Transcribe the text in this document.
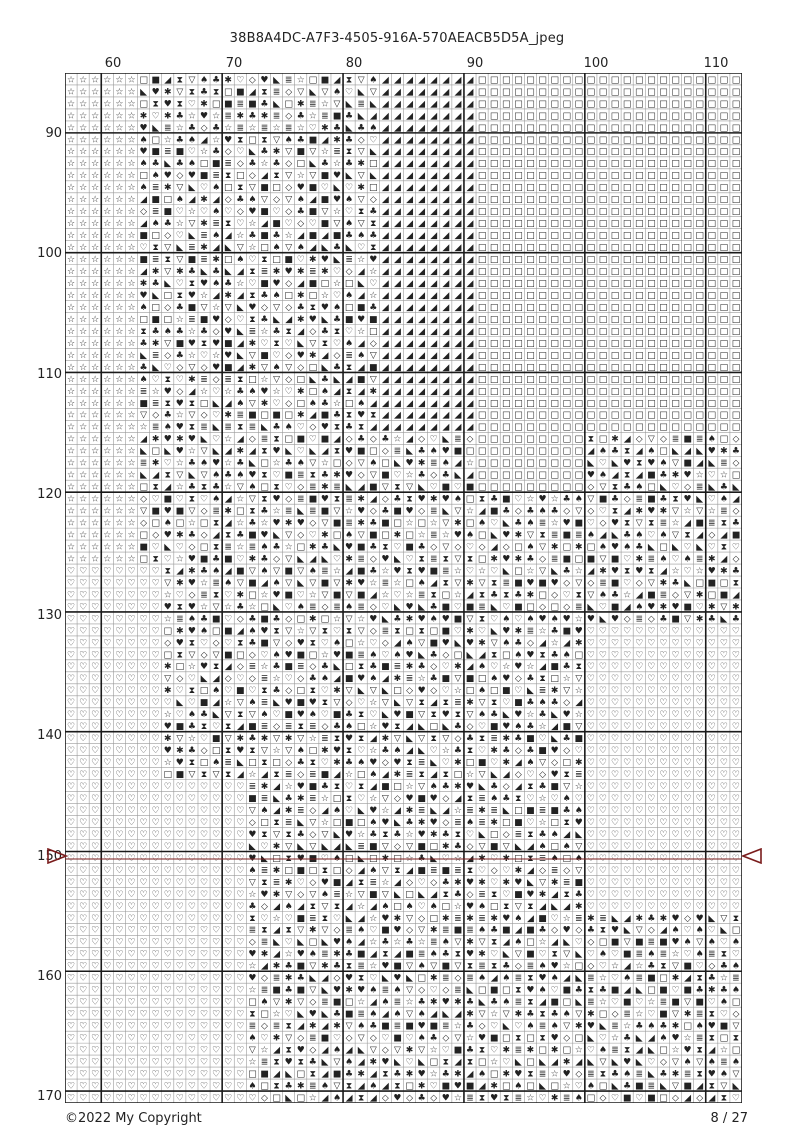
38B8A4DC-A7F3-4505-916A-570AEACB5D5A_jpeg
60	70	80	90	100	110
90
100
110
120
130
140
150
160
170
☆ ☆ ☆ ☆ ☆ ☆ □ ■ ◢ ⧗ ▽ ♠ ♣ ✱ ♡ ◇ ♥ ◣ ≣ ☆ □ ■ ◢ ⧗ ▽ ♠ ◢ ◢ ◢ ◢ ◢ ◢ ◢ ◢ □ □ □ □ □ □ □ □ □ □ □ □ □ □ □ □ □ □ □ □ □ □
☆ ☆ ☆ ☆ ☆ ☆ ◣ ♥ ✱ ▽ ⧗ ♣ ⧗ □ ■ ◢ ⧗ ≣ ◇ ▽ ◣ ▽ ♠ ♡ ◣ ▽ ◢ ◢ ◢ ◢ ◢ ◢ ◢ ◢ □ □ □ □ □ □ □ □ □ □ □ □ □ □ □ □ □ □ □ □ □ □
☆ ☆ ☆ ☆ ☆ ☆ □ ⧗ ♥ ⧗ ♡ ✱ □ ■ ≣ ■ ♣ ◣ □ ✱ ≣ ☆ ▽ ◣ ≣ ◣ ◢ ◢ ◢ ◢ ◢ ◢ ◢ ◢ □ □ □ □ □ □ □ □ □ □ □ □ □ □ □ □ □ □ □ □ □ □
☆ ☆ ☆ ☆ ☆ ☆ ✱ ♡ ✱ ♣ ☆ ♥ ☆ ≣ ✱ ♣ ✱ ≣ ◇ ♣ ☆ ≣ ■ ♣ ◣ ◢ ◢ ◢ ◢ ◢ ◢ ◢ ◢ ◢ □ □ □ □ □ □ □ □ □ □ □ □ □ □ □ □ □ □ □ □ □ □
☆ ☆ ☆ ☆ ☆ ☆ ♥ ◣ ≣ ☆ ♣ ◇ ♣ ☆ ≣ ☆ ≣ ☆ ≣ ☆ ♡ ✱ ♣ ◣ ♣ ♠ ◢ ◢ ◢ ◢ ◢ ◢ ◢ ◢ □ □ □ □ □ □ □ □ □ □ □ □ □ □ □ □ □ □ □ □ □ □
☆ ☆ ☆ ☆ ☆ ☆ ♠ □ ☆ ♣ ♠ ◢ ☆ ♥ ⧗ □ ⧗ ▽ ♠ ♣ ■ ◢ ✱ ♣ ◇ ♡ ◢ ◢ ◢ ◢ ◢ ◢ ◢ ◢ □ □ □ □ □ □ □ □ □ □ □ □ □ □ □ □ □ □ □ □ □ □
☆ ☆ ☆ ☆ ☆ ☆ ♥ ■ ≣ ■ ♡ ☆ ♣ ◇ ♡ ◣ ♣ ✱ ▽ ■ ▽ ☆ ≣ ⧗ ▽ ◣ ◢ ◢ ◢ ◢ ◢ ◢ ◢ ◢ □ □ □ □ □ □ □ □ □ □ □ □ □ □ □ □ □ □ □ □ □ □
☆ ☆ ☆ ☆ ☆ ☆ ♠ ♣ ◣ ♣ ♠ □ ■ ≣ ◇ ♣ ☆ ♣ ◇ □ ◣ ♣ ☆ ♣ ✱ □ ◢ ◢ ◢ ◢ ◢ ◢ ◢ ◢ □ □ □ □ □ □ □ □ □ □ □ □ □ □ □ □ □ □ □ □ □ □
☆ ☆ ☆ ☆ ☆ ☆ □ ♠ ♥ ◇ ♥ ■ ≣ ⧗ □ ◇ ◢ ⧗ ▽ ☆ ▽ ■ ♥ ◣ ▽ ◣ ◢ ◢ ◢ ◢ ◢ ◢ ◢ ◢ □ □ □ □ □ □ □ □ □ □ □ □ □ □ □ □ □ □ □ □ □ □
☆ ☆ ☆ ☆ ☆ ☆ ♠ ≣ ✱ ▽ ◣ ♡ ♠ □ ⧗ ▽ ■ □ ◇ ♥ ■ ♡ ◣ ♡ ✱ □ ◢ ◢ ◢ ◢ ◢ ◢ ◢ ◢ □ □ □ □ □ □ □ □ □ □ □ □ □ □ □ □ □ □ □ □ □ □
☆ ☆ ☆ ☆ ☆ ☆ ◢ ■ □ ♠ ◢ ✱ ◢ ◇ ♣ ♠ ▽ ◇ ▽ ♠ ◢ ■ ♥ ♠ ▽ ◇ ◢ ◢ ◢ ◢ ◢ ◢ ◢ ◢ □ □ □ □ □ □ □ □ □ □ □ □ □ □ □ □ □ □ □ □ □ □
☆ ☆ ☆ ☆ ☆ ☆ ◇ ≣ ■ ♡ ☆ ♡ ♠ ♡ ◇ ♥ ■ ♡ ◇ ♣ ■ ▽ ☆ ♡ ⧗ ♣ ◢ ◢ ◢ ◢ ◢ ◢ ◢ ◢ □ □ □ □ □ □ □ □ □ □ □ □ □ □ □ □ □ □ □ □ □ □
☆ ☆ ☆ ☆ ☆ ☆ ◢ ♠ ♣ ☆ ▽ ✱ ≣ ⧗ ♡ ☆ ◢ ■ ♡ ◇ ♡ ■ ▽ ♠ ▽ ⧗ ◢ ◢ ◢ ◢ ◢ ◢ ◢ ◢ □ □ □ □ □ □ □ □ □ □ □ □ □ □ □ □ □ □ □ □ □ □
☆ ☆ ☆ ☆ ☆ ☆ ■ □ ◇ ♡ ◣ ≣ ♠ ◢ ☆ ♣ ■ ♣ ☆ ◢ ■ ◢ ■ ♣ ♠ ♣ ◢ ◢ ◢ ◢ ◢ ◢ ◢ ◢ □ □ □ □ □ □ □ □ □ □ □ □ □ □ □ □ □ □ □ □ □ □
☆ ☆ ☆ ☆ ☆ ☆ ♡ ⧗ ▽ ◣ ≣ ✱ ◢ ◣ ▽ ☆ □ ♠ ▽ ♠ ◢ ◣ ♣ ◣ ♡ ⧗ ◢ ◢ ◢ ◢ ◢ ◢ ◢ ◢ □ □ □ □ □ □ □ □ □ □ □ □ □ □ □ □ □ □ □ □ □ □
☆ ☆ ☆ ☆ ☆ ☆ ■ ≣ ⧗ ▽ ■ ≣ ✱ □ ♠ ♡ ⧗ □ ■ ♡ ✱ ♥ ◣ ≣ ☆ ♥ ◢ ◢ ◢ ◢ ◢ ◢ ◢ ◢ □ □ □ □ □ □ □ □ □ □ □ □ □ □ □ □ □ □ □ □ □ □
☆ ☆ ☆ ☆ ☆ ☆ ◢ ✱ ▽ ✱ ♣ ◣ ♣ ◣ ◢ ⧗ ≣ ✱ ♥ ✱ ≣ ✱ ♡ ◇ ◢ ☆ ◢ ◢ ◢ ◢ ◢ ◢ ◢ ◢ □ □ □ □ □ □ □ □ □ □ □ □ □ □ □ □ □ □ □ □ □ □
☆ ☆ ☆ ☆ ☆ ☆ ✱ ♣ ◣ ♡ ⧗ ♥ ♠ ♣ ☆ ♡ ■ ♥ ◇ ◢ ■ □ ☆ □ ◣ ♡ ◢ ◢ ◢ ◢ ◢ ◢ ◢ ◢ □ □ □ □ □ □ □ □ □ □ □ □ □ □ □ □ □ □ □ □ □ □
☆ ☆ ☆ ☆ ☆ ☆ ♥ ◣ □ ⧗ ♥ ☆ ◢ ✱ ◢ ⧗ ♣ ♠ □ ✱ □ ☆ ♡ ♠ ◢ ☆ ◢ ◢ ◢ ◢ ◢ ◢ ◢ ◢ □ □ □ □ □ □ □ □ □ □ □ □ □ □ □ □ □ □ □ □ □ □
☆ ☆ ☆ ☆ ☆ ☆ ♠ □ ◇ ♣ ■ ▽ ☆ ▽ ◣ ♥ ◇ ▽ ◇ ♣ ⧗ ♥ ♠ □ ■ ♣ ◢ ◢ ◢ ◢ ◢ ◢ ◢ ◢ □ □ □ □ □ □ □ □ □ □ □ □ □ □ □ □ □ □ □ □ □ □
☆ ☆ ☆ ☆ ☆ ☆ □ ■ □ ☆ ≣ ■ ♥ ◇ ♡ ⧗ ♣ ◣ ◢ ✱ ♥ ◣ ♣ ■ ♥ ■ ◢ ◢ ◢ ◢ ◢ ◢ ◢ ◢ □ □ □ □ □ □ □ □ □ □ □ □ □ □ □ □ □ □ □ □ □ □
☆ ☆ ☆ ☆ ☆ ☆ ⧗ ♣ ♠ ♣ ☆ ♣ ◇ ♥ ◣ ≣ ☆ ♣ ⧗ ◢ ◇ ♣ ⧗ ♡ ☆ □ ◢ ◢ ◢ ◢ ◢ ◢ ◢ ◢ □ □ □ □ □ □ □ □ □ □ □ □ □ □ □ □ □ □ □ □ □ □
☆ ☆ ☆ ☆ ☆ ☆ ♣ ✱ ▽ ■ ♥ ⧗ ♥ ■ ◢ ✱ ♡ ⧗ ♡ ◣ ▽ ⧗ ♡ ♠ ◢ ◇ ◢ ◢ ◢ ◢ ◢ ◢ ◢ ◢ □ □ □ □ □ □ □ □ □ □ □ □ □ □ □ □ □ □ □ □ □ □
☆ ☆ ☆ ☆ ☆ ☆ ◣ ≣ ◇ ♣ ☆ ♡ ☆ ♥ ◣ ▽ ■ ♡ ◇ ♥ ✱ ◢ ◇ ≣ ♠ ▽ ◢ ◢ ◢ ◢ ◢ ◢ ◢ ◢ □ □ □ □ □ □ □ □ □ □ □ □ □ □ □ □ □ □ □ □ □ □
☆ ☆ ☆ ☆ ☆ ☆ ♣ ◣ ♡ ◇ ▽ ◇ ♥ ■ ◢ ✱ ▽ ♠ ▽ ◇ □ ◣ ♣ ⧗ ◢ ■ ◢ ◢ ◢ ◢ ◢ ◢ ◢ ◢ □ □ □ □ □ □ □ □ □ □ □ □ □ □ □ □ □ □ □ □ □ □
☆ ☆ ☆ ☆ ☆ ☆ ♠ ♡ ⧗ ♡ ✱ ≣ ◇ ≣ ⧗ □ ☆ ▽ ◇ □ ◣ ♣ ◣ ◢ ■ ▽ ◢ ◢ ◢ ◢ ◢ ◢ ◢ ◢ □ □ □ □ □ □ □ □ □ □ □ □ □ □ □ □ □ □ □ □ □ □
☆ ☆ ☆ ☆ ☆ ☆ ≣ ☆ ♥ ◇ ◢ ☆ ♡ ☆ ♣ ♠ ♥ ☆ ♡ ✱ □ ♠ ◢ ⧗ ◢ ✱ ◢ ◢ ◢ ◢ ◢ ◢ ◢ ◢ □ □ □ □ □ □ □ □ □ □ □ □ □ □ □ □ □ □ □ □ □ □
☆ ☆ ☆ ☆ ☆ ☆ ■ ≣ ⧗ ♥ ⧗ □ ◣ ◢ ♠ ▽ ✱ ♡ ◇ □ ♠ ♣ ☆ □ ♠ ◢ ◢ ◢ ◢ ◢ ◢ ◢ ◢ ◢ □ □ □ □ □ □ □ □ □ □ □ □ □ □ □ □ □ □ □ □ □ □
☆ ☆ ☆ ☆ ☆ ☆ ▽ ◇ ♣ ☆ ▽ ◇ ♡ ✱ ≣ ■ □ ■ □ ✱ ◢ ■ ♣ ⧗ ♥ ⧗ ◢ ◢ ◢ ◢ ◢ ◢ ◢ ◢ □ □ □ □ □ □ □ □ □ □ □ □ □ □ □ □ □ □ □ □ □ □
☆ ☆ ☆ ☆ ☆ ☆ ☆ ≣ ♠ ♥ ⧗ ≣ ◣ ≣ ⧗ ≣ ◣ ♣ ♠ ♡ ◇ ♥ ⧗ ♣ ⧗ ◢ ◢ ◢ ◢ ◢ ◢ ◢ ◢ ◢ □ □ □ □ □ □ □ □ □ □ □ □ □ □ □ □ □ □ □ □ □ □
☆ ☆ ☆ ☆ ☆ ☆ ◢ ✱ ♥ ✱ ♥ ◣ ♡ ☆ ◢ ◇ ≣ ⧗ □ ■ ♡ ■ ◢ ◇ ♣ ◇ ♣ ☆ ◢ ◇ ♡ ◣ ≣ ◇ □ □ □ □ □ □ □ □ □ ⧗ □ ✱ ◢ ◇ ▽ ◇ ≣ ■ ≣ ♠ □ ◇
☆ ☆ ☆ ☆ ☆ ☆ ◣ □ ◣ ♥ ☆ ▽ ◣ ◢ ✱ ◢ ⧗ ♥ ◣ ♡ ◣ ◢ ⧗ ♥ ■ □ ◇ ≣ ◣ ♣ ♠ ♥ ■ □ □ □ □ □ □ □ □ □ □ ◢ ♠ ♣ ⧗ ◢ ♠ □ ◣ ◢ ◣ ♥ ✱ ♣
☆ ☆ ☆ ☆ ☆ ☆ ≣ ✱ ♡ ☆ ♣ ♠ ♥ ☆ ♣ ◣ □ ☆ ♣ ♠ ▽ ☆ □ ◇ ▽ ♠ □ ◣ ♥ ✱ ≣ ♠ ◢ ☆ □ □ □ □ □ □ □ □ □ ◣ ♡ ◣ ♥ ⧗ ♥ ♠ ▽ ■ ◢ ◣ ≣ ◇
☆ ☆ ☆ ☆ ☆ ☆ ◣ ◢ ⧗ ▽ ◣ ▽ ♠ ♣ ♠ ♥ ⧗ ♡ ■ ≣ ⧗ ♣ ✱ ♥ ◇ ▽ ■ ♡ ☆ ♣ ◇ ♣ ◣ ◢ □ □ □ □ □ □ □ □ □ ♥ ♠ ◢ ⧗ ◢ ■ ♣ ✱ ♥ ☆ ♡ ☆ □
☆ ☆ ☆ ☆ ☆ ☆ □ ⧗ ◢ ☆ ♣ ⧗ ♣ ☆ ▽ ♠ □ ⧗ ♡ ◇ ≣ ✱ ≣ ◣ ◢ ■ ▽ ⧗ ▽ ◣ ♡ ■ ♡ ■ □ □ □ □ □ □ □ □ □ ◇ ▽ ⧗ ♣ ♠ □ ◣ ♡ ◇ ≣ ◣ ♣ ◣
☆ ☆ ☆ ☆ ☆ ☆ ◇ ♡ ■ ♡ ⧗ ♡ ♠ ◢ ☆ ▽ ⧗ ♥ ◇ ≣ ■ ♥ ⧗ ≣ ✱ ◢ ◇ ♣ ⧗ ♥ ✱ ♥ ♠ □ ⧗ ♣ ■ ♡ ☆ ♥ ☆ ♣ ♠ ▽ ■ ♣ ◇ ≣ ■ ♣ ⧗ ♥ ◣ ♡ ♠ ◢
☆ ☆ ☆ ☆ ☆ ☆ ▽ ■ ♥ ■ ▽ ◇ ≣ ✱ □ ⧗ ♣ ☆ ≣ ◣ ≣ ■ ▽ ☆ ♥ ◇ ♣ ■ ♥ ◇ ≣ ◣ ▽ ☆ ◢ ■ ♣ ◇ ♣ ♠ ♣ ◇ ▽ ◇ ♡ ⧗ ◢ ✱ ♥ ✱ ▽ ☆ ▽ ☆ ≣ ◇
☆ ☆ ☆ ☆ ☆ ☆ ◇ □ ♠ □ ☆ □ ⧗ ◢ ☆ ♣ ☆ ♥ ✱ ♥ ◇ ▽ ■ ≣ ✱ ♣ ■ □ ☆ □ ☆ ▽ ✱ □ ♠ ♡ ◣ ♣ ♠ ≣ ☆ ♥ ■ ♡ ◇ ♥ ⧗ ▽ ⧗ ≣ ☆ ◢ ■ ≣ ⧗ ♣
☆ ☆ ☆ ☆ ☆ ☆ □ ◇ ♥ ✱ ♣ ◇ ◢ ⧗ ♣ ■ ♥ ◣ ▽ ◇ ♡ ✱ □ ♠ ▽ ■ □ ✱ □ ☆ ≣ ☆ ♥ ♠ □ ◣ ♥ ✱ ▽ ⧗ ≣ ■ ≣ ♠ ◢ ◣ ♣ ♠ ♡ ♠ ▽ ⧗ ◢ ◇ ◢ ■
☆ ☆ ☆ ☆ ☆ ☆ ■ ♡ ◣ ♡ ◇ □ ⧗ ≣ ☆ ≣ ♠ ♣ ☆ □ ✱ ♣ ◣ ♥ ■ ♣ ⧗ ♡ ■ ♣ ◇ ▽ ◇ ♡ ◇ ◢ ◇ □ ♠ ▽ ✱ □ ✱ □ ♠ ♥ ♠ ♣ ◣ □ ◣ ♡ ◣ ♡ ⧗ ♡
☆ ☆ ☆ ☆ ☆ ☆ □ ⧗ ♡ ☆ ♥ ■ ♣ ■ ♡ ✱ ♣ ◇ ▽ ◣ ◢ ◣ ♡ ✱ ≣ ◇ ♥ ◣ ♡ ⧗ ≣ ⧗ ▽ ⧗ □ ✱ ♥ ✱ ♣ ◇ ≣ ■ □ ■ ▽ ■ ♡ ✱ ≣ ♠ ♡ ♠ ≣ ✱ ◢ ◇
♡ ♡ ♡ ♡ ♡ ♡ ♡ ♡ ⧗ ◢ ✱ ♣ ♠ ◢ ■ ▽ ♠ ▽ ■ ▽ ♠ ≣ ☆ ◢ ■ ♣ ☆ ♥ ⧗ ♥ ■ ≣ ☆ ♡ ☆ ♡ ◣ □ ☆ ▽ ◣ ♣ ☆ ◢ ✱ ♥ ⧗ ♥ ⧗ ◢ ☆ ♡ ☆ ♥ ✱ ♣
♡ ♡ ♡ ♡ ♡ ♡ ♡ ♡ ▽ ✱ ♥ ☆ ≣ ♠ ▽ ■ ◢ ♠ ▽ ◣ ▽ ■ ▽ ✱ ♥ ☆ ≣ ☆ □ ♠ ◢ ⧗ ▽ ✱ ▽ ⧗ ≣ ■ ♥ ■ ♥ ◇ ▽ ◇ ≣ ■ ♡ ◇ ▽ ✱ ♣ ◣ □ ■ □ ⧗
♡ ♡ ♡ ♡ ♡ ♡ ♡ ♡ ☆ ♡ ◇ ≣ ⧗ ♡ ✱ □ ☆ ♥ ■ ♡ ☆ ▽ ■ ▽ ■ ◢ ☆ ♡ ☆ ≣ ⧗ □ ☆ ◢ ⧗ ♣ ⧗ ♣ ✱ □ ◇ ♡ ⧗ ▽ ♠ ♣ ☆ ◢ ■ ≣ ◇ ▽ ✱ □ ■ ◢
♡ ♡ ♡ ♡ ♡ ♡ ♡ ♡ ♥ ⧗ ♥ ☆ ▽ ☆ ♣ ☆ □ ◣ ♡ ♠ ≣ ◇ ≣ ♠ ≣ ◇ ♡ ◣ ♥ ◣ ♣ ■ ♡ ■ ≣ ◣ ♡ ■ □ ◇ □ ◇ ≣ ◣ ♡ ■ ◢ ♠ ♥ ✱ ♥ ■ ♡ ✱ ▽ ✱
♡ ♡ ♡ ♡ ♡ ♡ ♡ ♡ ☆ ≣ ♠ ♣ ■ ♡ ◇ ♣ ■ ♣ ◇ □ ✱ □ ☆ ▽ ☆ ♥ ◣ ♣ ✱ ♥ ♠ ♥ ■ ▽ ⧗ ♡ ♠ ♡ ♠ ♥ ♠ ♥ ☆ ♥ ◣ ♥ ◇ ≣ ◇ ♣ ■ ▽ ✱ ♣ ◣ ♣
♡ ♡ ♡ ♡ ♡ ♡ ♡ ♡ □ ✱ ♥ ♠ □ ■ ◢ ♠ ♥ ⧗ ▽ ☆ ▽ ⧗ ♡ ⧗ ▽ ◇ ≣ ⧗ □ ⧗ □ ■ ♡ ✱ ♡ ◣ ♥ ✱ ≣ ☆ ♣ ■ ♥ ♡ ♡ ♡ ♡ ♡ ♡ ♡ ♡ ♡ ♡ ♡ ♡ ♡
♡ ♡ ♡ ♡ ♡ ♡ ♡ ♡ ◇ ♥ ⧗ ♡ ◇ ♡ ⧗ ♣ ■ ▽ ◇ ♥ ⧗ ♡ ♠ □ ☆ ♡ ◇ ◢ ♠ ▽ ■ ♥ ◣ ♥ ✱ ▽ ♠ ♣ ◇ ◢ ☆ ◢ ✱ ♡ ♡ ♡ ♡ ♡ ♡ ♡ ♡ ♡ ♡ ♡ ♡ ♡
♡ ♡ ♡ ♡ ♡ ♡ ♡ ♡ □ ⧗ ▽ ◇ ▽ ■ □ ◇ ♡ ♠ ♥ ■ □ ☆ ♥ ■ ≣ ♠ ♡ ♠ ♥ ◣ ♣ ◇ □ ◣ ◢ ⧗ □ ♠ ♥ ⧗ ♣ ♠ □ ♡ ♡ ♡ ♡ ♡ ♡ ♡ ♡ ♡ ♡ ♡ ♡ ♡
♡ ♡ ♡ ♡ ♡ ♡ ♡ ♡ ✱ □ ☆ ♥ ⧗ ◢ ◇ ≣ ☆ ♣ ■ ≣ ◇ ♣ ◣ □ ⧗ ♣ ■ ≣ ✱ ♣ ◇ ♡ ✱ ◢ ♠ ♡ ☆ ♥ ☆ ◢ ■ ♣ ⧗ ♡ ♡ ♡ ♡ ♡ ♡ ♡ ♡ ♡ ♡ ♡ ♡ ♡
♡ ♡ ♡ ♡ ♡ ♡ ♡ ♡ ▽ ◇ ♡ ◣ ◢ ◇ ♡ ◇ ≣ ☆ ♡ ◇ ♣ ♠ ◢ ■ ♥ ♠ ◢ ✱ ≣ ☆ ♣ ■ ▽ ■ □ ♠ ♥ ◇ ♣ ⧗ □ ☆ ▽ ♡ ♡ ♡ ♡ ♡ ♡ ♡ ♡ ♡ ♡ ♡ ♡ ♡
♡ ♡ ♡ ♡ ♡ ♡ ♡ ♡ ✱ ♡ ⧗ □ ♠ ♡ ■ ♡ ⧗ ♣ ◇ □ ⧗ ♡ ✱ ▽ ◣ ▽ ◣ □ ◇ ♥ ◇ ♡ ☆ □ ♠ □ ■ ♡ ◣ ≣ ✱ ▽ ☆ ♡ ♡ ♡ ♡ ♡ ♡ ♡ ♡ ♡ ♡ ♡ ♡ ♡
♡ ♡ ♡ ♡ ♡ ♡ ♡ ♡ ♡ ◣ ♡ ■ ◢ ☆ ▽ ♠ ≣ ◣ ♥ ■ ♥ ⧗ ▽ ◇ ♡ ☆ ▽ ◣ ▽ ⧗ ◢ ⧗ ≣ ✱ ▽ ⧗ ♡ ■ ♣ ♠ ♣ ◇ ◢ ♡ ♡ ♡ ♡ ♡ ♡ ♡ ♡ ♡ ♡ ♡ ♡ ♡
♡ ♡ ♡ ♡ ♡ ♡ ♡ ♡ ☆ ♡ ♠ ♣ ◣ ▽ ⧗ ▽ ♠ ♡ ■ ♥ ♠ ♡ ■ ♣ ⧗ ♡ ◣ ♥ ■ ▽ ⧗ ♥ ⧗ ▽ ♠ ♣ ◣ ♥ ☆ ♣ ◣ ♥ ☆ ♡ ♡ ♡ ♡ ♡ ♡ ♡ ♡ ♡ ♡ ♡ ♡ ♡
♡ ♡ ♡ ♡ ♡ ♡ ♡ ♡ ♥ ■ ♣ ⧗ ♡ ⧗ ◢ ■ ≣ ◇ ≣ ⧗ ≣ ◇ ♣ ♠ □ ☆ ♥ ⧗ ◢ ◣ □ ◣ ♣ ◇ ♡ ■ ♥ ♠ ♣ ☆ ◢ ■ ▽ ♡ ♡ ♡ ♡ ♡ ♡ ♡ ♡ ♡ ♡ ♡ ♡ ♡
♡ ♡ ♡ ♡ ♡ ♡ ♡ ♡ ✱ ▽ ☆ ♡ ■ ▽ ✱ ♣ ✱ ▽ ✱ ▽ ☆ ≣ ⧗ ♥ ⧗ ◢ ✱ ▽ ◣ ▽ ⧗ ▽ ◇ ♣ ⧗ ≣ ✱ ♣ ■ ♡ ◣ ♣ ■ ♡ ♡ ♡ ♡ ♡ ♡ ♡ ♡ ♡ ♡ ♡ ♡ ♡
♡ ♡ ♡ ♡ ♡ ♡ ♡ ♡ ♥ ✱ ♣ ◇ □ ⧗ ♥ ⧗ ▽ ☆ ▽ ♠ □ ✱ ♥ ⧗ ♡ ☆ ♣ ♠ ◢ ◣ ♡ ☆ ♣ ⧗ ♡ ✱ ♣ ◇ ♣ ■ ♥ ◇ ♡ ♡ ♡ ♡ ♡ ♡ ♡ ♡ ♡ ♡ ♡ ♡ ♡ ♡
♡ ♡ ♡ ♡ ♡ ♡ ♡ ♡ ☆ ♥ ⧗ □ ♠ ≣ ◣ □ ⧗ □ ◇ ♣ ⧗ ♡ ✱ ♣ ♠ ♥ ◇ ♥ ⧗ ≣ ◣ ♡ ✱ □ ■ ♡ ✱ ◢ ♠ ▽ ◇ □ ✱ ♡ ♡ ♡ ♡ ♡ ♡ ♡ ♡ ♡ ♡ ♡ ♡ ♡
♡ ♡ ♡ ♡ ♡ ♡ ♡ ♡ □ ■ ▽ ⧗ ▽ ⧗ ◢ ☆ ◢ ⧗ ≣ ◇ ≣ ■ ◢ ☆ □ ♠ ◢ ✱ ≣ ⧗ ◢ ⧗ □ ☆ ▽ ◣ ◢ ◇ ♡ ◇ ♥ ⧗ ≣ ♡ ♡ ♡ ♡ ♡ ♡ ♡ ♡ ♡ ♡ ♡ ♡ ♡
♡ ♡ ♡ ♡ ♡ ♡ ♡ ♡ ♡ ♡ ♡ ♡ ♡ ♡ ♡ ≣ ✱ ◢ ☆ ♥ ■ ♣ ⧗ ♡ ⧗ ◢ ■ □ ☆ ▽ ♠ ♣ ✱ ♥ ◣ ♣ ◇ ◢ ⧗ ♣ ■ ▽ ☆ ♡ ♡ ♡ ♡ ♡ ♡ ♡ ♡ ♡ ♡ ♡ ♡ ♡
♡ ♡ ♡ ♡ ♡ ♡ ♡ ♡ ♡ ♡ ♡ ♡ ♡ ♡ ♡ ■ ≣ ◣ ♣ ✱ ≣ ☆ □ ⧗ ♡ ☆ ▽ ◇ ♥ ■ ♥ ◇ ◢ ⧗ ≣ ♠ ♣ ⧗ ♡ ☆ ♡ ♠ ♡ ♡ ♡ ♡ ♡ ♡ ♡ ♡ ♡ ♡ ♡ ♡ ♡ ♡
♡ ♡ ♡ ♡ ♡ ♡ ♡ ♡ ♡ ♡ ♡ ♡ ♡ ♡ ♡ ▽ ♠ ◢ ✱ ≣ ◇ ◢ ♠ ♡ ◣ ♥ ☆ ◢ ✱ ≣ ◣ ◢ ☆ ≣ ✱ ≣ ◣ □ ■ ≣ ■ ♣ ♠ ♡ ♡ ♡ ♡ ♡ ♡ ♡ ♡ ♡ ♡ ♡ ♡ ♡
♡ ♡ ♡ ♡ ♡ ♡ ♡ ♡ ♡ ♡ ♡ ♡ ♡ ♡ ♡ ◇ □ ⧗ ≣ ◣ ▽ ☆ □ ■ □ ♠ ♥ ◣ ♣ ✱ ♥ ◇ ≣ ♠ ≣ ✱ □ ■ ♡ ☆ □ ⧗ ♥ ♡ ♡ ♡ ♡ ♡ ♡ ♡ ♡ ♡ ♡ ♡ ♡ ♡
♡ ♡ ♡ ♡ ♡ ♡ ♡ ♡ ♡ ♡ ♡ ♡ ♡ ♡ ♡ ♥ ⧗ ▽ ⧗ ♣ ◇ ▽ ◣ ♥ ☆ ♣ ⧗ ♣ ☆ ♥ ✱ ♣ ⧗ ♡ ◣ □ ◇ ≣ ⧗ ♣ ♠ ◢ ◣ ♡ ♡ ♡ ♡ ♡ ♡ ♡ ♡ ♡ ♡ ♡ ♡ ♡
♡ ♡ ♡ ♡ ♡ ♡ ♡ ♡ ♡ ♡ ♡ ♡ ♡ ♡ ♡ ◣ ♡ ✱ ▽ ◣ ▽ ◣ ◢ ◣ ≣ ■ ▽ ◇ ▽ ■ □ ✱ ♣ ◇ ▽ ■ ▽ ◣ ◢ ♠ □ ♠ ▽ ♡ ♡ ♡ ♡ ♡ ♡ ♡ ♡ ♡ ♡ ♡ ♡ ♡
♡ ♡ ♡ ♡ ♡ ♡ ♡ ♡ ♡ ♡ ♡ ♡ ♡ ♡ ♡ ♥ ◣ □ ⧗ ♥ ■ ♡ ♠ □ ◣ □ ✱ □ ☆ ♣ ◣ ♡ ☆ ◢ ✱ ♡ ✱ □ ⧗ ≣ ♠ □ ♠ ♡ ♡ ♡ ♡ ♡ ♡ ♡ ♡ ♡ ♡ ♡ ♡ ♡
♡ ♡ ♡ ♡ ♡ ♡ ♡ ♡ ♡ ♡ ♡ ♡ ♡ ♡ ♡ ♠ ≣ ✱ □ ■ □ ⧗ □ ◇ ◢ ♠ ▽ ⧗ ◢ ■ ≣ ■ ≣ ⧗ ♡ ◇ ♡ ✱ ◢ ◇ ≣ ◇ ▽ ♡ ♡ ♡ ♡ ♡ ♡ ♡ ♡ ♡ ♡ ♡ ♡ ♡
♡ ♡ ♡ ♡ ♡ ♡ ♡ ♡ ♡ ♡ ♡ ♡ ♡ ♡ ♡ ▽ ⧗ ≣ ✱ ♡ ◇ ♥ ■ ◢ ⧗ ≣ ☆ ◢ ◇ ♡ ◇ ♣ ✱ ♥ ✱ ♡ ✱ ♥ ◣ ▽ ✱ ≣ ■ ♡ ♡ ♡ ♡ ♡ ♡ ♡ ♡ ♡ ♡ ♡ ♡ ♡
♡ ♡ ♡ ♡ ♡ ♡ ♡ ♡ ♡ ♡ ♡ ♡ ♡ ♡ ♡ ☆ ♥ ✱ ▽ ◇ ▽ ♠ ≣ ☆ ▽ ■ ▽ ◣ □ ◣ ◢ ⧗ ♣ ◇ ≣ ⧗ ♡ ■ ♥ ✱ ◢ ⧗ ♣ ♡ ♡ ♡ ♡ ♡ ♡ ♡ ♡ ♡ ♡ ♡ ♡ ♡
♡ ♡ ♡ ♡ ♡ ♡ ♡ ♡ ♡ ♡ ♡ ♡ ♡ ♡ ♡ ♣ ◇ ◢ ♠ ◢ ⧗ ▽ ⧗ ◢ ☆ ◢ ♠ □ ♠ ♡ ♠ □ ☆ ♥ ♠ □ ⧗ ▽ ⧗ ◢ ◣ ◢ ✱ ♡ ♡ ♡ ♡ ♡ ♡ ♡ ♡ ♡ ♡ ♡ ♡ ♡
♡ ♡ ♡ ♡ ♡ ♡ ♡ ♡ ♡ ♡ ♡ ♡ ♡ ♡ ♡ ⧗ ♡ ☆ ♡ ■ ≣ ⧗ ♡ ◣ ◢ ☆ ♥ ✱ ▽ ◇ □ ✱ ≣ ✱ ≣ ✱ ♥ ♠ ◢ ■ ♡ ☆ ≣ ✱ ≣ ◣ ◢ ✱ ♣ ✱ ♥ ◇ ♥ ◣ ▽ ⧗
♡ ♡ ♡ ♡ ♡ ♡ ♡ ♡ ♡ ♡ ♡ ♡ ♡ ♡ ♡ ≣ ⧗ ◢ ⧗ ▽ ✱ ▽ ◇ ≣ ♠ ♡ ■ ♥ ◇ ▽ ✱ ≣ ■ ≣ ♠ ♣ ■ ◢ ■ ♣ ◇ ♥ ◇ ♣ ⧗ ♥ ◣ ▽ ◇ ◢ ♠ ♡ ♠ ♡ ◣ □
♡ ♡ ♡ ♡ ♡ ♡ ♡ ♡ ♡ ♡ ♡ ♡ ♡ ♡ ♡ ◇ ≣ ◣ ♡ ◣ □ ◣ ♥ ♠ ◢ ☆ ♣ ☆ ♣ ☆ ≣ ♠ ▽ ✱ ▽ ⧗ ◢ ♠ □ ☆ ◢ ◣ ♡ ◇ □ ■ ▽ ■ ≣ ■ ♥ ♠ ▽ ♠ ♡ ♠
♡ ♡ ♡ ♡ ♡ ♡ ♡ ♡ ♡ ♡ ♡ ♡ ♡ ♡ ♡ ♥ ✱ ◢ ☆ ♥ ♠ ≣ ✱ ♣ ■ ◢ ⧗ ◢ ■ ≣ ♠ ♣ ⧗ ♥ ✱ ♡ ◣ ▽ ■ ♡ ⧗ ▽ ◣ ♡ ♠ ♡ ■ ≣ ♠ ≣ ☆ ♡ ♠ ≣ ⧗ ♡
♡ ♡ ♡ ♡ ♡ ♡ ♡ ♡ ♡ ♡ ♡ ♡ ♡ ♡ ♡ ☆ ◢ ✱ ♣ ■ ▽ ✱ ♣ ⧗ ≣ ☆ ♥ ■ ▽ ♠ ▽ ■ ▽ ⧗ ≣ ⧗ ♣ ◇ ≣ ♠ ♥ ☆ □ ◇ ♡ ☆ ◢ ☆ ♣ ⧗ ▽ ■ ♡ ◇ ♣ ♠
♡ ♡ ♡ ♡ ♡ ♡ ♡ ♡ ♡ ♡ ♡ ♡ ♡ ♡ ♡ ♥ ◇ ≣ ✱ ♣ ◣ ◢ ◇ ♥ ⧗ ♡ ◣ ♥ ◣ □ ✱ ≣ ◇ ≣ ♠ ◢ ♠ ≣ ⧗ ♥ ♠ ◢ ◣ ≣ ☆ ♡ ♠ ≣ ■ □ ✱ ◢ ⧗ ♣ ☆ ≣
♡ ♡ ♡ ♡ ♡ ♡ ♡ ♡ ♡ ♡ ♡ ♡ ♡ ♡ ♡ ☆ ≣ ■ ♣ ■ ▽ ◣ ♥ ✱ ♥ ♠ ≣ ♠ ▽ ◇ ♡ ◇ ≣ ◣ □ ■ □ ⧗ ♥ ♠ ♡ ■ ♣ ⧗ ♣ ■ ◢ ◣ □ ■ ♡ ■ ♣ ✱ ♣ ♠
♡ ♡ ♡ ♡ ♡ ♡ ♡ ♡ ♡ ♡ ♡ ♡ ♡ ♡ ♡ □ ♠ ▽ ✱ ▽ ◇ ≣ ■ □ ☆ ◢ ♠ ≣ ☆ ♣ ✱ ♥ ✱ ♣ ◣ ♣ ♠ ≣ ⧗ ◢ ■ □ ◣ ≣ ☆ ♡ ■ ♡ ☆ ≣ ■ ▽ ■ ♡ ♠ □
♡ ♡ ♡ ♡ ♡ ♡ ♡ ♡ ♡ ♡ ♡ ♡ ♡ ♡ ♡ ⧗ □ ☆ ♡ ◣ ♥ ◣ ♣ ■ ≣ ♠ ◢ ♠ ▽ ♠ ◢ ◣ ◢ ✱ ▽ ☆ ▽ ✱ ♣ ⧗ ♣ ♠ ▽ ✱ □ ◇ ≣ ☆ ♡ ■ ▽ ✱ ≣ ⧗ ♡ ◇
♡ ♡ ♡ ♡ ♡ ♡ ♡ ♡ ♡ ♡ ♡ ♡ ♡ ♡ ♡ ≣ ◇ ≣ ⧗ ◢ ✱ ◢ ✱ ▽ ♠ ♣ ■ ≣ ■ ♥ ■ ≣ ☆ ♣ ◇ ♡ ◣ ♡ ♠ ≣ ♠ ▽ ✱ ♥ ◣ ≣ ☆ ♣ ♠ ♣ ✱ □ ♠ ♥ ■ ▽
♡ ♡ ♡ ♡ ♡ ♡ ♡ ♡ ♡ ♡ ♡ ♡ ♡ ♡ ♡ ♠ ♡ ✱ ▽ ◇ ≣ ■ ♡ ◇ ▽ ◇ ♡ ■ ♡ ♠ ♣ ◇ ▽ ☆ ♥ ■ □ ⧗ □ ⧗ ♥ ◇ □ ◣ ♡ ☆ ♣ ◣ ◢ ♠ ♥ ☆ ≣ ⧗ □ ⧗
♡ ♡ ♡ ♡ ♡ ♡ ♡ ♡ ♡ ♡ ♡ ♡ ♡ ♡ ♡ ▽ ☆ ◢ ⧗ ♥ ◇ ◢ ♠ ◢ ◣ ▽ ◇ ▽ ✱ ▽ ☆ ♡ ■ ♣ ⧗ ♡ ✱ ≣ ✱ □ ✱ □ ☆ ♡ ♠ ≣ ⧗ ◢ ◣ □ ☆ ♥ ⧗ ◢ ☆ □
♡ ♡ ♡ ♡ ♡ ♡ ♡ ♡ ♡ ♡ ♡ ♡ ♡ ♡ ♡ ☆ ≣ ⧗ ♥ ⧗ ♣ ◣ ▽ ♠ ◢ ✱ ♥ ◣ ♡ ◣ □ ⧗ ◢ ⧗ □ ☆ ♡ ◣ □ ◣ ◢ ✱ ◢ ◣ ▽ ◣ ♥ ◣ ♡ ◇ ▽ ♠ ▽ ♠ ≣ ♠
♡ ♡ ♡ ♡ ♡ ♡ ♡ ♡ ♡ ♡ ♡ ♡ ♡ ♡ ♡ □ ■ ◢ ◣ □ ⧗ ◢ ■ ♣ ✱ ◢ ⧗ ♣ ✱ ♥ ☆ ♣ ✱ ◢ ♠ □ ✱ ♥ ⧗ ≣ ☆ ♥ ◇ ≣ ⧗ ♣ ♠ ≣ ◣ ♣ ✱ ≣ ⧗ ♥ ♠ ▽
♡ ♡ ♡ ♡ ♡ ♡ ♡ ♡ ♡ ♡ ♡ ♡ ♡ ♡ ♡ ♠ □ ⧗ ♣ ✱ ≣ ♠ ▽ ⧗ ◢ ♠ ◢ ⧗ □ ✱ ♡ ■ ♥ ■ ◢ ✱ □ ♠ □ ◣ □ ☆ ♡ ♠ □ ◣ ♣ ■ ≣ ◣ ▽ ■ ◢ ⧗ ▽ ◣
♡ ♡ ♡ ♡ ♡ ♡ ♡ ♡ ♡ ♡ ♡ ♡ ♡ ♡ ♡ ♡ ◇ □ ◣ □ ☆ ◢ ♠ ◢ ⧗ ◢ ◇ ♥ ◇ ♣ ◇ ♥ ☆ ≣ ⧗ ♥ ⧗ ≣ ☆ ♡ ✱ ≣ ♠ □ ◇ ♡ ■ ♡ ■ □ ◇ ◢ ◇ ◢ ⧗ ♡
©2022 My Copyright	8 / 27
